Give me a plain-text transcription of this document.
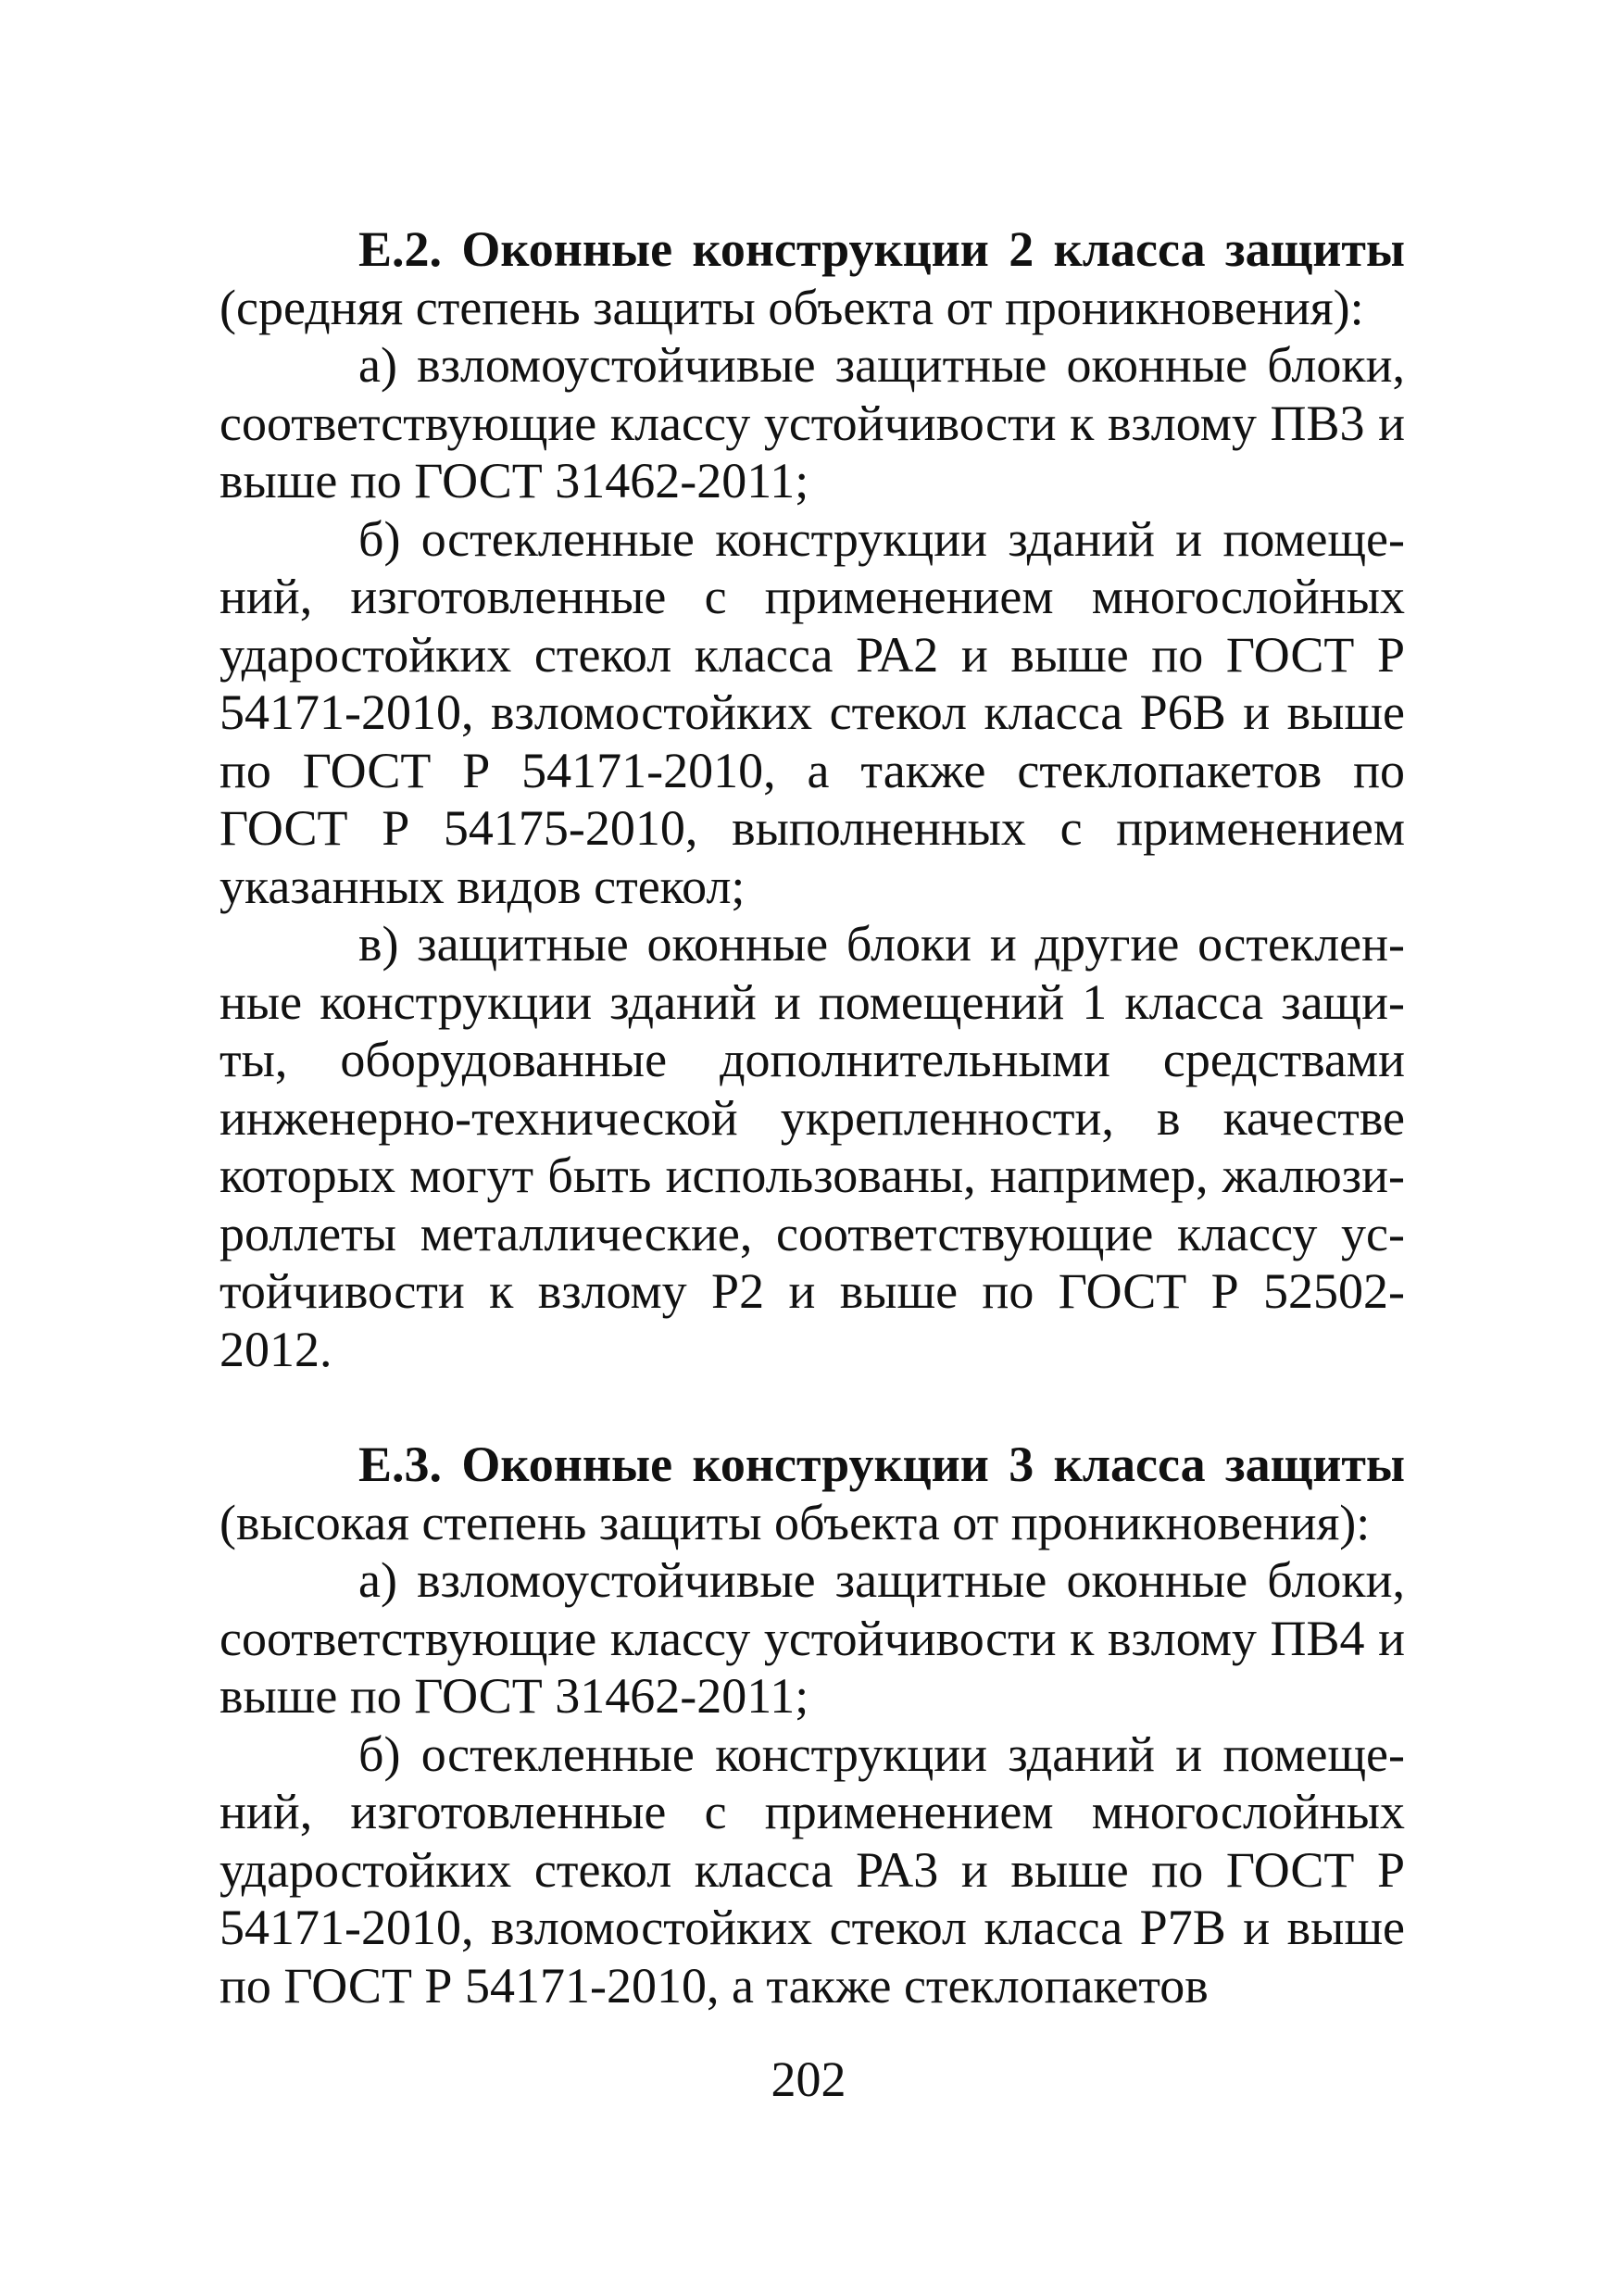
Е.2. Оконные конструкции 2 класса защиты (средняя степень защиты объекта от проникновения):

а) взломоустойчивые защитные оконные блоки, соответствующие классу устойчивости к взлому ПВ3 и выше по ГОСТ 31462-2011;

б) остекленные конструкции зданий и помеще-ний, изготовленные с применением многослойных ударостойких стекол класса РА2 и выше по ГОСТ Р 54171-2010, взломостойких стекол класса Р6В и выше по ГОСТ Р 54171-2010, а также стеклопакетов по ГОСТ Р 54175-2010, выполненных с применением указанных видов стекол;

в) защитные оконные блоки и другие остеклен-ные конструкции зданий и помещений 1 класса защи-ты, оборудованные дополнительными средствами инженерно-технической укрепленности, в качестве которых могут быть использованы, например, жалюзи-роллеты металлические, соответствующие классу ус-тойчивости к взлому Р2 и выше по ГОСТ Р 52502-2012.

Е.3. Оконные конструкции 3 класса защиты (высокая степень защиты объекта от проникновения):

а) взломоустойчивые защитные оконные блоки, соответствующие классу устойчивости к взлому ПВ4 и выше по ГОСТ 31462-2011;

б) остекленные конструкции зданий и помеще-ний, изготовленные с применением многослойных ударостойких стекол класса РА3 и выше по ГОСТ Р 54171-2010, взломостойких стекол класса Р7В и выше по ГОСТ Р 54171-2010, а также стеклопакетов

202
